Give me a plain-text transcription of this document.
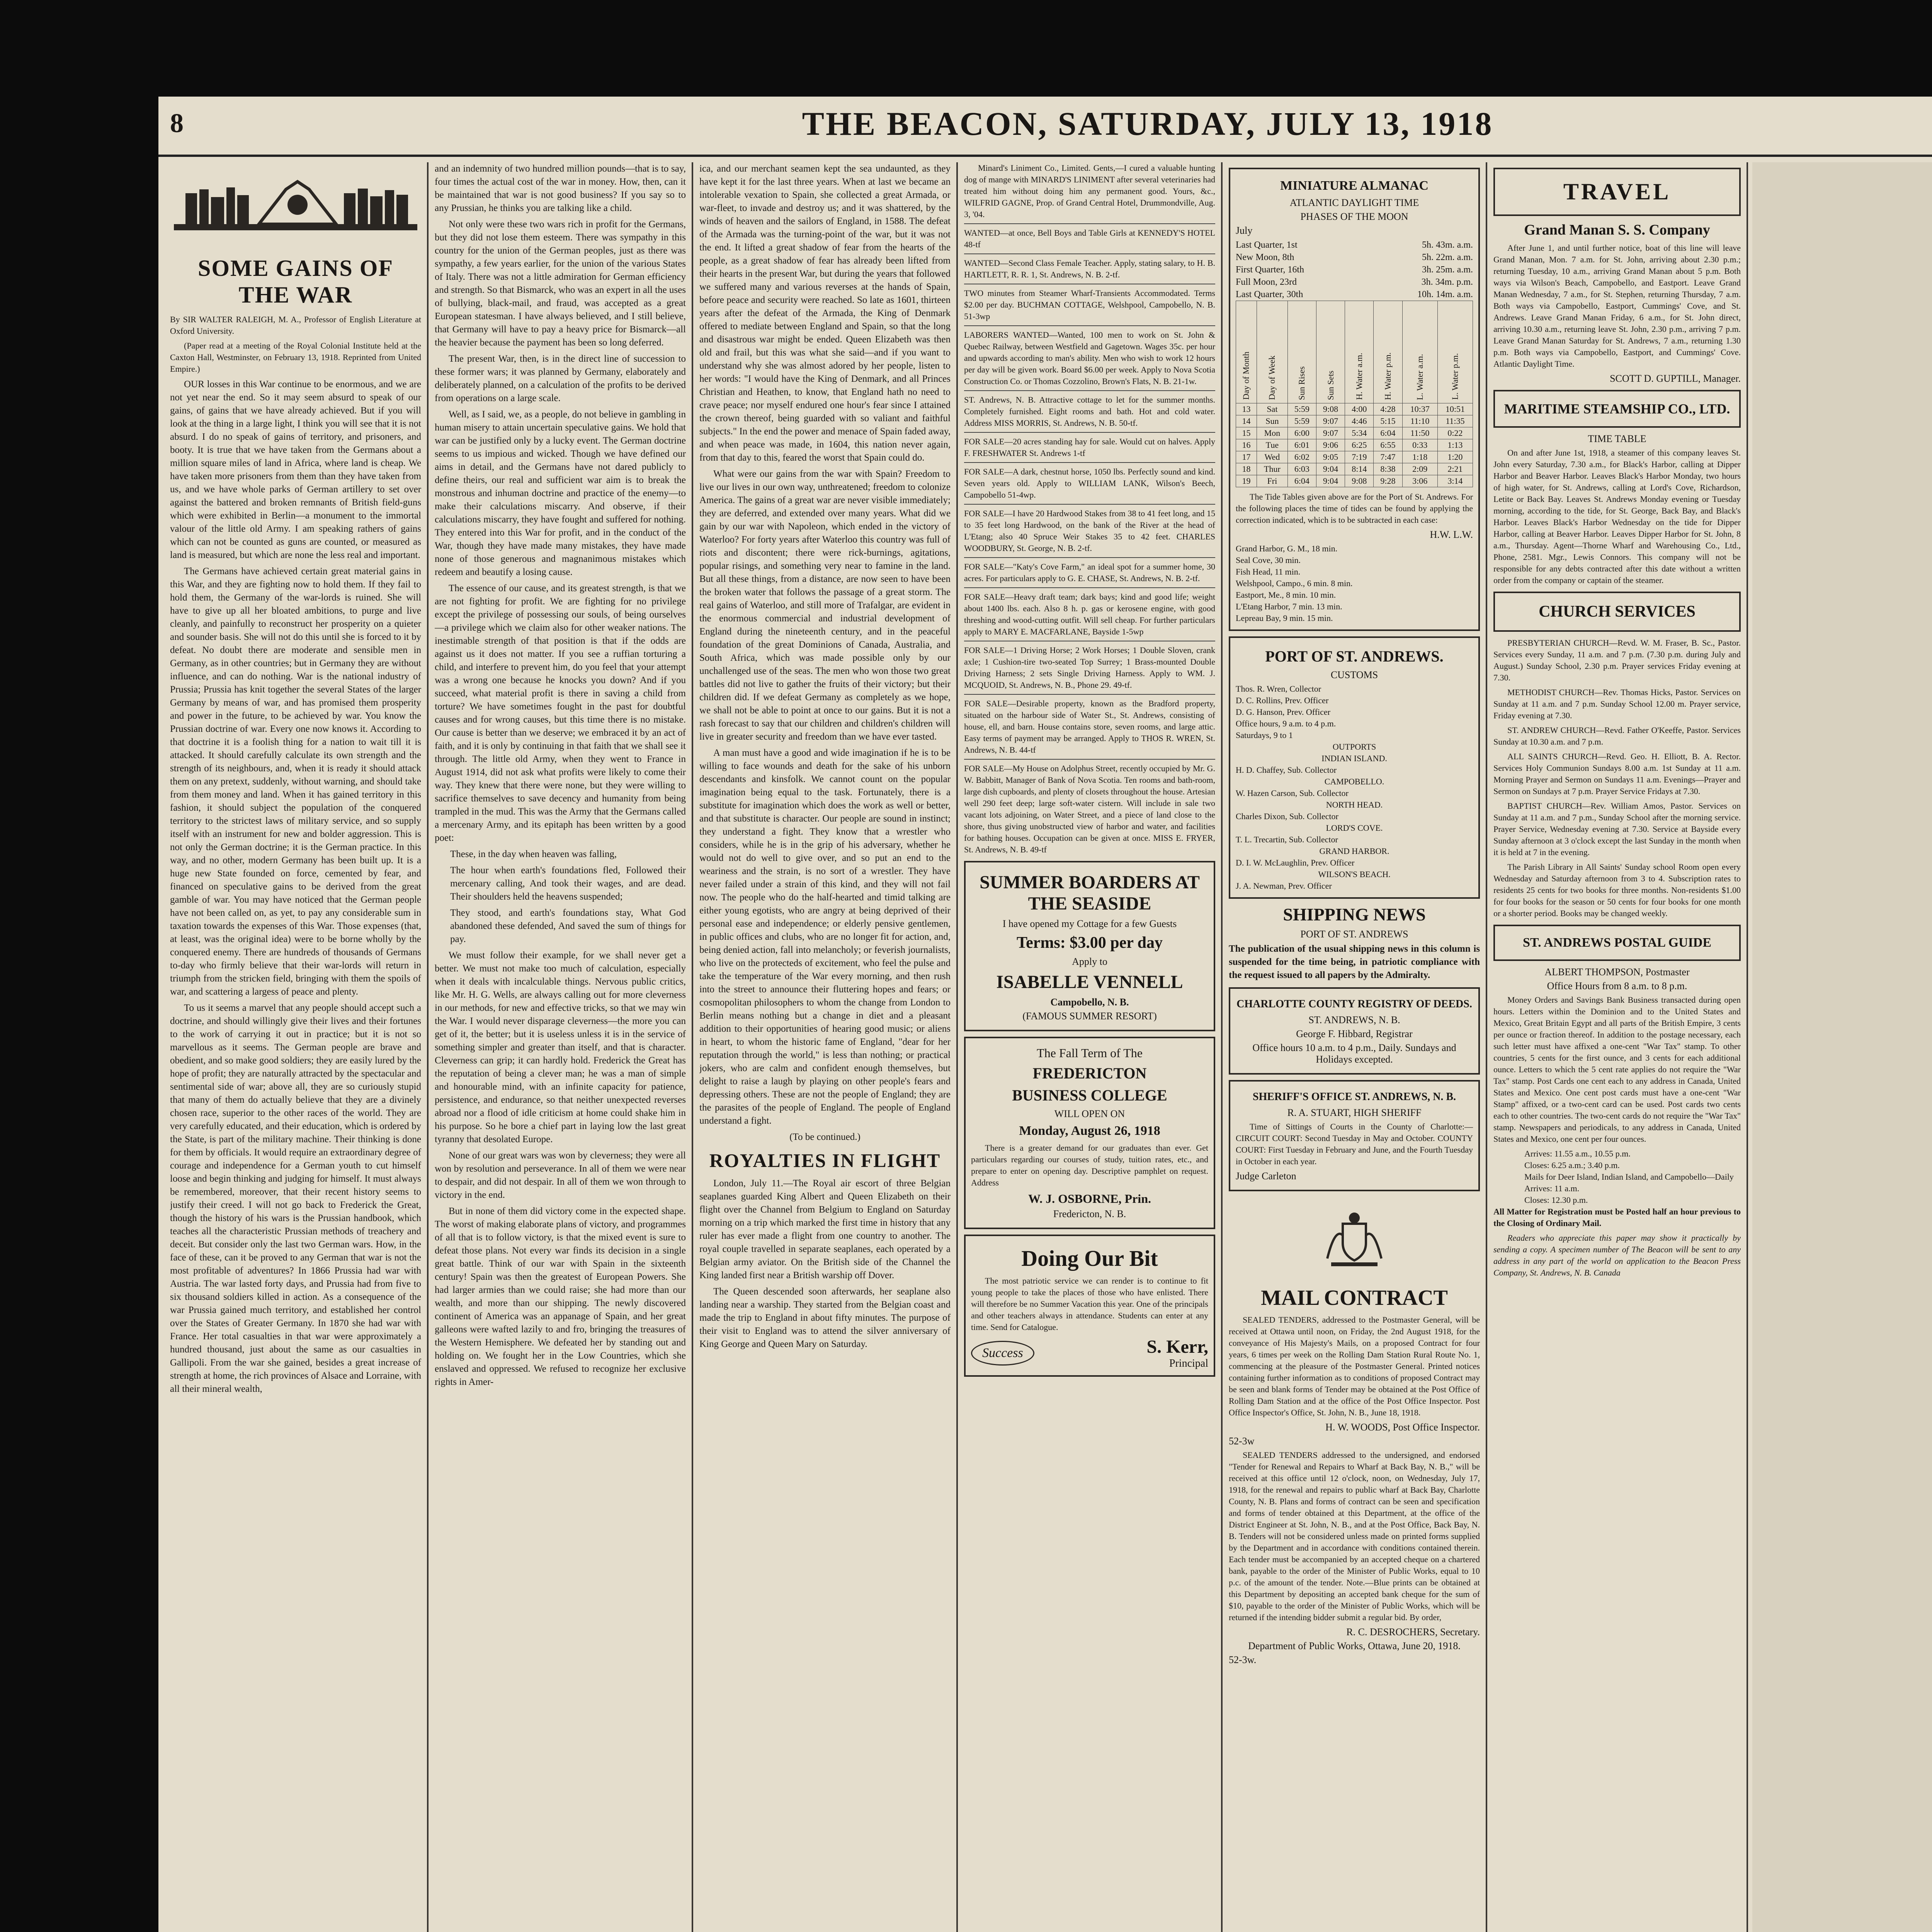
8	THE BEACON, SATURDAY, JULY 13, 1918
SOME GAINS OF THE WAR

By SIR WALTER RALEIGH, M. A., Professor of English Literature at Oxford University.

(Paper read at a meeting of the Royal Colonial Institute held at the Caxton Hall, Westminster, on February 13, 1918. Reprinted from United Empire.)

OUR losses in this War continue to be enormous, and we are not yet near the end. So it may seem absurd to speak of our gains, of gains that we have already achieved. But if you will look at the thing in a large light, I think you will see that it is not absurd. I do no speak of gains of territory, and prisoners, and booty. It is true that we have taken from the Germans about a million square miles of land in Africa, where land is cheap. We have taken more prisoners from them than they have taken from us, and we have whole parks of German artillery to set over against the battered and broken remnants of British field-guns which were exhibited in Berlin—a monument to the immortal valour of the little old Army. I am speaking rathers of gains which can not be counted as guns are counted, or measured as land is measured, but which are none the less real and important.

The Germans have achieved certain great material gains in this War, and they are fighting now to hold them. If they fail to hold them, the Germany of the war-lords is ruined. She will have to give up all her bloated ambitions, to purge and live cleanly, and painfully to reconstruct her prosperity on a quieter and sounder basis. She will not do this until she is forced to it by defeat. No doubt there are moderate and sensible men in Germany, as in other countries; but in Germany they are without influence, and can do nothing. War is the national industry of Prussia; Prussia has knit together the several States of the larger Germany by means of war, and has promised them prosperity and power in the future, to be achieved by war. You know the Prussian doctrine of war. Every one now knows it. According to that doctrine it is a foolish thing for a nation to wait till it is attacked. It should carefully calculate its own strength and the strength of its neighbours, and, when it is ready it should attack them on any pretext, suddenly, without warning, and should take from them money and land. When it has gained territory in this fashion, it should subject the population of the conquered territory to the strictest laws of military service, and so supply itself with an instrument for new and bolder aggression. This is not only the German doctrine; it is the German practice. In this way, and no other, modern Germany has been built up. It is a huge new State founded on force, cemented by fear, and financed on speculative gains to be derived from the great gamble of war. You may have noticed that the German people have not been called on, as yet, to pay any considerable sum in taxation towards the expenses of this War. Those expenses (that, at least, was the original idea) were to be borne wholly by the conquered enemy. There are hundreds of thousands of Germans to-day who firmly believe that their war-lords will return in triumph from the stricken field, bringing with them the spoils of war, and scattering a largess of peace and plenty.

To us it seems a marvel that any people should accept such a doctrine, and should willingly give their lives and their fortunes to the work of carrying it out in practice; but it is not so marvellous as it seems. The German people are brave and obedient, and so make good soldiers; they are easily lured by the hope of profit; they are naturally attracted by the spectacular and sentimental side of war; above all, they are so curiously stupid that many of them do actually believe that they are a divinely chosen race, superior to the other races of the world. They are very carefully educated, and their education, which is ordered by the State, is part of the military machine. Their thinking is done for them by officials. It would require an extraordinary degree of courage and independence for a German youth to cut himself loose and begin thinking and judging for himself. It must always be remembered, moreover, that their recent history seems to justify their creed. I will not go back to Frederick the Great, though the history of his wars is the Prussian handbook, which teaches all the characteristic Prussian methods of treachery and deceit. But consider only the last two German wars. How, in the face of these, can it be proved to any German that war is not the most profitable of adventures? In 1866 Prussia had war with Austria. The war lasted forty days, and Prussia had from five to six thousand soldiers killed in action. As a consequence of the war Prussia gained much territory, and established her control over the States of Greater Germany. In 1870 she had war with France. Her total casualties in that war were approximately a hundred thousand, just about the same as our casualties in Gallipoli. From the war she gained, besides a great increase of strength at home, the rich provinces of Alsace and Lorraine, with all their mineral wealth,

and an indemnity of two hundred million pounds—that is to say, four times the actual cost of the war in money. How, then, can it be maintained that war is not good business? If you say so to any Prussian, he thinks you are talking like a child.

Not only were these two wars rich in profit for the Germans, but they did not lose them esteem. There was sympathy in this country for the union of the German peoples, just as there was sympathy, a few years earlier, for the union of the various States of Italy. There was not a little admiration for German efficiency and strength. So that Bismarck, who was an expert in all the uses of bullying, black-mail, and fraud, was accepted as a great European statesman. I have always believed, and I still believe, that Germany will have to pay a heavy price for Bismarck—all the heavier because the payment has been so long deferred.

The present War, then, is in the direct line of succession to these former wars; it was planned by Germany, elaborately and deliberately planned, on a calculation of the profits to be derived from operations on a large scale.

Well, as I said, we, as a people, do not believe in gambling in human misery to attain uncertain speculative gains. We hold that war can be justified only by a lucky event. The German doctrine seems to us impious and wicked. Though we have defined our aims in detail, and the Germans have not dared publicly to define theirs, our real and sufficient war aim is to break the monstrous and inhuman doctrine and practice of the enemy—to make their calculations miscarry. And observe, if their calculations miscarry, they have fought and suffered for nothing. They entered into this War for profit, and in the conduct of the War, though they have made many mistakes, they have made none of those generous and magnanimous mistakes which redeem and beautify a losing cause.

The essence of our cause, and its greatest strength, is that we are not fighting for profit. We are fighting for no privilege except the privilege of possessing our souls, of being ourselves—a privilege which we claim also for other weaker nations. The inestimable strength of that position is that if the odds are against us it does not matter. If you see a ruffian torturing a child, and interfere to prevent him, do you feel that your attempt was a wrong one because he knocks you down? And if you succeed, what material profit is there in saving a child from torture? We have sometimes fought in the past for doubtful causes and for wrong causes, but this time there is no mistake. Our cause is better than we deserve; we embraced it by an act of faith, and it is only by continuing in that faith that we shall see it through. The little old Army, when they went to France in August 1914, did not ask what profits were likely to come their way. They knew that there were none, but they were willing to sacrifice themselves to save decency and humanity from being trampled in the mud. This was the Army that the Germans called a mercenary Army, and its epitaph has been written by a good poet:

These, in the day when heaven was falling,

The hour when earth's foundations fled, Followed their mercenary calling, And took their wages, and are dead. Their shoulders held the heavens suspended;

They stood, and earth's foundations stay, What God abandoned these defended, And saved the sum of things for pay.

We must follow their example, for we shall never get a better. We must not make too much of calculation, especially when it deals with incalculable things. Nervous public critics, like Mr. H. G. Wells, are always calling out for more cleverness in our methods, for new and effective tricks, so that we may win the War. I would never disparage cleverness—the more you can get of it, the better; but it is useless unless it is in the service of something simpler and greater than itself, and that is character. Cleverness can grip; it can hardly hold. Frederick the Great has the reputation of being a clever man; he was a man of simple and honourable mind, with an infinite capacity for patience, persistence, and endurance, so that neither unexpected reverses abroad nor a flood of idle criticism at home could shake him in his purpose. So he bore a chief part in laying low the last great tyranny that desolated Europe.

None of our great wars was won by cleverness; they were all won by resolution and perseverance. In all of them we were near to despair, and did not despair. In all of them we won through to victory in the end.

But in none of them did victory come in the expected shape. The worst of making elaborate plans of victory, and programmes of all that is to follow victory, is that the mixed event is sure to defeat those plans. Not every war finds its decision in a single great battle. Think of our war with Spain in the sixteenth century! Spain was then the greatest of European Powers. She had larger armies than we could raise; she had more than our wealth, and more than our shipping. The newly discovered continent of America was an appanage of Spain, and her great galleons were wafted lazily to and fro, bringing the treasures of the Western Hemisphere. We defeated her by standing out and holding on. We fought her in the Low Countries, which she enslaved and oppressed. We refused to recognize her exclusive rights in Amer-

ica, and our merchant seamen kept the sea undaunted, as they have kept it for the last three years. When at last we became an intolerable vexation to Spain, she collected a great Armada, or war-fleet, to invade and destroy us; and it was shattered, by the winds of heaven and the sailors of England, in 1588. The defeat of the Armada was the turning-point of the war, but it was not the end. It lifted a great shadow of fear from the hearts of the people, as a great shadow of fear has already been lifted from their hearts in the present War, but during the years that followed we suffered many and various reverses at the hands of Spain, before peace and security were reached. So late as 1601, thirteen years after the defeat of the Armada, the King of Denmark offered to mediate between England and Spain, so that the long and disastrous war might be ended. Queen Elizabeth was then old and frail, but this was what she said—and if you want to understand why she was almost adored by her people, listen to her words: "I would have the King of Denmark, and all Princes Christian and Heathen, to know, that England hath no need to crave peace; nor myself endured one hour's fear since I attained the crown thereof, being guarded with so valiant and faithful subjects." In the end the power and menace of Spain faded away, and when peace was made, in 1604, this nation never again, from that day to this, feared the worst that Spain could do.

What were our gains from the war with Spain? Freedom to live our lives in our own way, unthreatened; freedom to colonize America. The gains of a great war are never visible immediately; they are deferred, and extended over many years. What did we gain by our war with Napoleon, which ended in the victory of Waterloo? For forty years after Waterloo this country was full of riots and discontent; there were rick-burnings, agitations, popular risings, and something very near to famine in the land. But all these things, from a distance, are now seen to have been the broken water that follows the passage of a great storm. The real gains of Waterloo, and still more of Trafalgar, are evident in the enormous commercial and industrial development of England during the nineteenth century, and in the peaceful foundation of the great Dominions of Canada, Australia, and South Africa, which was made possible only by our unchallenged use of the seas. The men who won those two great battles did not live to gather the fruits of their victory; but their children did. If we defeat Germany as completely as we hope, we shall not be able to point at once to our gains. But it is not a rash forecast to say that our children and children's children will live in greater security and freedom than we have ever tasted.

A man must have a good and wide imagination if he is to be willing to face wounds and death for the sake of his unborn descendants and kinsfolk. We cannot count on the popular imagination being equal to the task. Fortunately, there is a substitute for imagination which does the work as well or better, and that substitute is character. Our people are sound in instinct; they understand a fight. They know that a wrestler who considers, while he is in the grip of his adversary, whether he would not do well to give over, and so put an end to the weariness and the strain, is no sort of a wrestler. They have never failed under a strain of this kind, and they will not fail now. The people who do the half-hearted and timid talking are either young egotists, who are angry at being deprived of their personal ease and independence; or elderly pensive gentlemen, in public offices and clubs, who are no longer fit for action, and, being denied action, fall into melancholy; or feverish journalists, who live on the protecteds of excitement, who feel the pulse and take the temperature of the War every morning, and then rush into the street to announce their fluttering hopes and fears; or cosmopolitan philosophers to whom the change from London to Berlin means nothing but a change in diet and a pleasant addition to their opportunities of hearing good music; or aliens in heart, to whom the historic fame of England, "dear for her reputation through the world," is less than nothing; or practical jokers, who are calm and confident enough themselves, but delight to raise a laugh by playing on other people's fears and depressing others. These are not the people of England; they are the parasites of the people of England. The people of England understand a fight.

(To be continued.)

ROYALTIES IN FLIGHT

London, July 11.—The Royal air escort of three Belgian seaplanes guarded King Albert and Queen Elizabeth on their flight over the Channel from Belgium to England on Saturday morning on a trip which marked the first time in history that any ruler has ever made a flight from one country to another. The royal couple travelled in separate seaplanes, each operated by a Belgian army aviator. On the British side of the Channel the King landed first near a British warship off Dover.

The Queen descended soon afterwards, her seaplane also landing near a warship. They started from the Belgian coast and made the trip to England in about fifty minutes. The purpose of their visit to England was to attend the silver anniversary of King George and Queen Mary on Saturday.

Minard's Liniment Co., Limited. Gents,—I cured a valuable hunting dog of mange with MINARD'S LINIMENT after several veterinaries had treated him without doing him any permanent good. Yours, &c., WILFRID GAGNE, Prop. of Grand Central Hotel, Drummondville, Aug. 3, '04.

WANTED—at once, Bell Boys and Table Girls at KENNEDY'S HOTEL 48-tf

WANTED—Second Class Female Teacher. Apply, stating salary, to H. B. HARTLETT, R. R. 1, St. Andrews, N. B. 2-tf.

TWO minutes from Steamer Wharf-Transients Accommodated. Terms $2.00 per day. BUCHMAN COTTAGE, Welshpool, Campobello, N. B. 51-3wp

LABORERS WANTED—Wanted, 100 men to work on St. John & Quebec Railway, between Westfield and Gagetown. Wages 35c. per hour and upwards according to man's ability. Men who wish to work 12 hours per day will be given work. Board $6.00 per week. Apply to Nova Scotia Construction Co. or Thomas Cozzolino, Brown's Flats, N. B. 21-1w.

ST. Andrews, N. B. Attractive cottage to let for the summer months. Completely furnished. Eight rooms and bath. Hot and cold water. Address MISS MORRIS, St. Andrews, N. B. 50-tf.

FOR SALE—20 acres standing hay for sale. Would cut on halves. Apply F. FRESHWATER St. Andrews 1-tf

FOR SALE—A dark, chestnut horse, 1050 lbs. Perfectly sound and kind. Seven years old. Apply to WILLIAM LANK, Wilson's Beech, Campobello 51-4wp.

FOR SALE—I have 20 Hardwood Stakes from 38 to 41 feet long, and 15 to 35 feet long Hardwood, on the bank of the River at the head of L'Etang; also 40 Spruce Weir Stakes 35 to 42 feet. CHARLES WOODBURY, St. George, N. B. 2-tf.

FOR SALE—"Katy's Cove Farm," an ideal spot for a summer home, 30 acres. For particulars apply to G. E. CHASE, St. Andrews, N. B. 2-tf.

FOR SALE—Heavy draft team; dark bays; kind and good life; weight about 1400 lbs. each. Also 8 h. p. gas or kerosene engine, with good threshing and wood-cutting outfit. Will sell cheap. For further particulars apply to MARY E. MACFARLANE, Bayside 1-5wp

FOR SALE—1 Driving Horse; 2 Work Horses; 1 Double Sloven, crank axle; 1 Cushion-tire two-seated Top Surrey; 1 Brass-mounted Double Driving Harness; 2 sets Single Driving Harness. Apply to WM. J. MCQUOID, St. Andrews, N. B., Phone 29. 49-tf.

FOR SALE—Desirable property, known as the Bradford property, situated on the harbour side of Water St., St. Andrews, consisting of house, ell, and barn. House contains store, seven rooms, and large attic. Easy terms of payment may be arranged. Apply to THOS R. WREN, St. Andrews, N. B. 44-tf

FOR SALE—My House on Adolphus Street, recently occupied by Mr. G. W. Babbitt, Manager of Bank of Nova Scotia. Ten rooms and bath-room, large dish cupboards, and plenty of closets throughout the house. Artesian well 290 feet deep; large soft-water cistern. Will include in sale two vacant lots adjoining, on Water Street, and a piece of land close to the shore, thus giving unobstructed view of harbor and water, and facilities for bathing houses. Occupation can be given at once. MISS E. FRYER, St. Andrews, N. B. 49-tf

SUMMER BOARDERS AT THE SEASIDE
I have opened my Cottage for a few Guests
Terms: $3.00 per day
Apply to
ISABELLE VENNELL
Campobello, N. B.
(FAMOUS SUMMER RESORT)
The Fall Term of The
FREDERICTON
BUSINESS COLLEGE
WILL OPEN ON
Monday, August 26, 1918

There is a greater demand for our graduates than ever. Get particulars regarding our courses of study, tuition rates, etc., and prepare to enter on opening day. Descriptive pamphlet on request. Address

W. J. OSBORNE, Prin.
Fredericton, N. B.
Doing Our Bit

The most patriotic service we can render is to continue to fit young people to take the places of those who have enlisted. There will therefore be no Summer Vacation this year. One of the principals and other teachers always in attendance. Students can enter at any time. Send for Catalogue.

Success	S. Kerr,
Principal
MINIATURE ALMANAC
ATLANTIC DAYLIGHT TIME
PHASES OF THE MOON
July
Last Quarter, 1st	5h. 43m. a.m.
New Moon, 8th	5h. 22m. a.m.
First Quarter, 16th	3h. 25m. a.m.
Full Moon, 23rd	3h. 34m. p.m.
Last Quarter, 30th	10h. 14m. a.m.
Day of Month	Day of Week	Sun Rises	Sun Sets	H. Water a.m.	H. Water p.m.	L. Water a.m.	L. Water p.m.
13	Sat	5:59	9:08	4:00	4:28	10:37	10:51
14	Sun	5:59	9:07	4:46	5:15	11:10	11:35
15	Mon	6:00	9:07	5:34	6:04	11:50	0:22
16	Tue	6:01	9:06	6:25	6:55	0:33	1:13
17	Wed	6:02	9:05	7:19	7:47	1:18	1:20
18	Thur	6:03	9:04	8:14	8:38	2:09	2:21
19	Fri	6:04	9:04	9:08	9:28	3:06	3:14

The Tide Tables given above are for the Port of St. Andrews. For the following places the time of tides can be found by applying the correction indicated, which is to be subtracted in each case:

H.W. L.W.
Grand Harbor, G. M., 18 min.
Seal Cove, 30 min.
Fish Head, 11 min.
Welshpool, Campo., 6 min. 8 min.
Eastport, Me., 8 min. 10 min.
L'Etang Harbor, 7 min. 13 min.
Lepreau Bay, 9 min. 15 min.
PORT OF ST. ANDREWS.
CUSTOMS
Thos. R. Wren, Collector
D. C. Rollins, Prev. Officer
D. G. Hanson, Prev. Officer
Office hours, 9 a.m. to 4 p.m.
Saturdays, 9 to 1
OUTPORTS
INDIAN ISLAND.
H. D. Chaffey, Sub. Collector
CAMPOBELLO.
W. Hazen Carson, Sub. Collector
NORTH HEAD.
Charles Dixon, Sub. Collector
LORD'S COVE.
T. L. Trecartin, Sub. Collector
GRAND HARBOR.
D. I. W. McLaughlin, Prev. Officer
WILSON'S BEACH.
J. A. Newman, Prev. Officer
SHIPPING NEWS
PORT OF ST. ANDREWS

The publication of the usual shipping news in this column is suspended for the time being, in patriotic compliance with the request issued to all papers by the Admiralty.

CHARLOTTE COUNTY REGISTRY OF DEEDS.
ST. ANDREWS, N. B.
George F. Hibbard, Registrar
Office hours 10 a.m. to 4 p.m., Daily. Sundays and Holidays excepted.
SHERIFF'S OFFICE ST. ANDREWS, N. B.
R. A. STUART, HIGH SHERIFF

Time of Sittings of Courts in the County of Charlotte:— CIRCUIT COURT: Second Tuesday in May and October. COUNTY COURT: First Tuesday in February and June, and the Fourth Tuesday in October in each year.

Judge Carleton
MAIL CONTRACT

SEALED TENDERS, addressed to the Postmaster General, will be received at Ottawa until noon, on Friday, the 2nd August 1918, for the conveyance of His Majesty's Mails, on a proposed Contract for four years, 6 times per week on the Rolling Dam Station Rural Route No. 1, commencing at the pleasure of the Postmaster General. Printed notices containing further information as to conditions of proposed Contract may be seen and blank forms of Tender may be obtained at the Post Office of Rolling Dam Station and at the office of the Post Office Inspector. Post Office Inspector's Office, St. John, N. B., June 18, 1918.

H. W. WOODS, Post Office Inspector.
52-3w

SEALED TENDERS addressed to the undersigned, and endorsed "Tender for Renewal and Repairs to Wharf at Back Bay, N. B.," will be received at this office until 12 o'clock, noon, on Wednesday, July 17, 1918, for the renewal and repairs to public wharf at Back Bay, Charlotte County, N. B. Plans and forms of contract can be seen and specification and forms of tender obtained at this Department, at the office of the District Engineer at St. John, N. B., and at the Post Office, Back Bay, N. B. Tenders will not be considered unless made on printed forms supplied by the Department and in accordance with conditions contained therein. Each tender must be accompanied by an accepted cheque on a chartered bank, payable to the order of the Minister of Public Works, equal to 10 p.c. of the amount of the tender. Note.—Blue prints can be obtained at this Department by depositing an accepted bank cheque for the sum of $10, payable to the order of the Minister of Public Works, which will be returned if the intending bidder submit a regular bid. By order,

R. C. DESROCHERS, Secretary.
Department of Public Works, Ottawa, June 20, 1918.
52-3w.
TRAVEL
Grand Manan S. S. Company

After June 1, and until further notice, boat of this line will leave Grand Manan, Mon. 7 a.m. for St. John, arriving about 2.30 p.m.; returning Tuesday, 10 a.m., arriving Grand Manan about 5 p.m. Both ways via Wilson's Beach, Campobello, and Eastport. Leave Grand Manan Wednesday, 7 a.m., for St. Stephen, returning Thursday, 7 a.m. Both ways via Campobello, Eastport, Cummings' Cove, and St. Andrews. Leave Grand Manan Friday, 6 a.m., for St. John direct, arriving 10.30 a.m., returning leave St. John, 2.30 p.m., arriving 7 p.m. Leave Grand Manan Saturday for St. Andrews, 7 a.m., returning 1.30 p.m. Both ways via Campobello, Eastport, and Cummings' Cove. Atlantic Daylight Time.

SCOTT D. GUPTILL, Manager.
MARITIME STEAMSHIP CO., LTD.
TIME TABLE

On and after June 1st, 1918, a steamer of this company leaves St. John every Saturday, 7.30 a.m., for Black's Harbor, calling at Dipper Harbor and Beaver Harbor. Leaves Black's Harbor Monday, two hours of high water, for St. Andrews, calling at Lord's Cove, Richardson, Letite or Back Bay. Leaves St. Andrews Monday evening or Tuesday morning, according to the tide, for St. George, Back Bay, and Black's Harbor. Leaves Black's Harbor Wednesday on the tide for Dipper Harbor, calling at Beaver Harbor. Leaves Dipper Harbor for St. John, 8 a.m., Thursday. Agent—Thorne Wharf and Warehousing Co., Ltd., Phone, 2581. Mgr., Lewis Connors. This company will not be responsible for any debts contracted after this date without a written order from the company or captain of the steamer.

CHURCH SERVICES

PRESBYTERIAN CHURCH—Revd. W. M. Fraser, B. Sc., Pastor. Services every Sunday, 11 a.m. and 7 p.m. (7.30 p.m. during July and August.) Sunday School, 2.30 p.m. Prayer services Friday evening at 7.30.

METHODIST CHURCH—Rev. Thomas Hicks, Pastor. Services on Sunday at 11 a.m. and 7 p.m. Sunday School 12.00 m. Prayer service, Friday evening at 7.30.

ST. ANDREW CHURCH—Revd. Father O'Keeffe, Pastor. Services Sunday at 10.30 a.m. and 7 p.m.

ALL SAINTS CHURCH—Revd. Geo. H. Elliott, B. A. Rector. Services Holy Communion Sundays 8.00 a.m. 1st Sunday at 11 a.m. Morning Prayer and Sermon on Sundays 11 a.m. Evenings—Prayer and Sermon on Sundays at 7 p.m. Prayer Service Fridays at 7.30.

BAPTIST CHURCH—Rev. William Amos, Pastor. Services on Sunday at 11 a.m. and 7 p.m., Sunday School after the morning service. Prayer Service, Wednesday evening at 7.30. Service at Bayside every Sunday afternoon at 3 o'clock except the last Sunday in the month when it is held at 7 in the evening.

The Parish Library in All Saints' Sunday school Room open every Wednesday and Saturday afternoon from 3 to 4. Subscription rates to residents 25 cents for two books for three months. Non-residents $1.00 for four books for the season or 50 cents for four books for one month or a shorter period. Books may be changed weekly.

ST. ANDREWS POSTAL GUIDE
ALBERT THOMPSON, Postmaster
Office Hours from 8 a.m. to 8 p.m.

Money Orders and Savings Bank Business transacted during open hours. Letters within the Dominion and to the United States and Mexico, Great Britain Egypt and all parts of the British Empire, 3 cents per ounce or fraction thereof. In addition to the postage necessary, each such letter must have affixed a one-cent "War Tax" stamp. To other countries, 5 cents for the first ounce, and 3 cents for each additional ounce. Letters to which the 5 cent rate applies do not require the "War Tax" stamp. Post Cards one cent each to any address in Canada, United States and Mexico. One cent post cards must have a one-cent "War Stamp" affixed, or a two-cent card can be used. Post cards two cents each to other countries. The two-cent cards do not require the "War Tax" stamp. Newspapers and periodicals, to any address in Canada, United States and Mexico, one cent per four ounces.

Arrives: 11.55 a.m., 10.55 p.m.
Closes: 6.25 a.m.; 3.40 p.m.
Mails for Deer Island, Indian Island, and Campobello—Daily
Arrives: 11 a.m.
Closes: 12.30 p.m.

All Matter for Registration must be Posted half an hour previous to the Closing of Ordinary Mail.

Readers who appreciate this paper may show it practically by sending a copy. A specimen number of The Beacon will be sent to any address in any part of the world on application to the Beacon Press Company, St. Andrews, N. B. Canada
